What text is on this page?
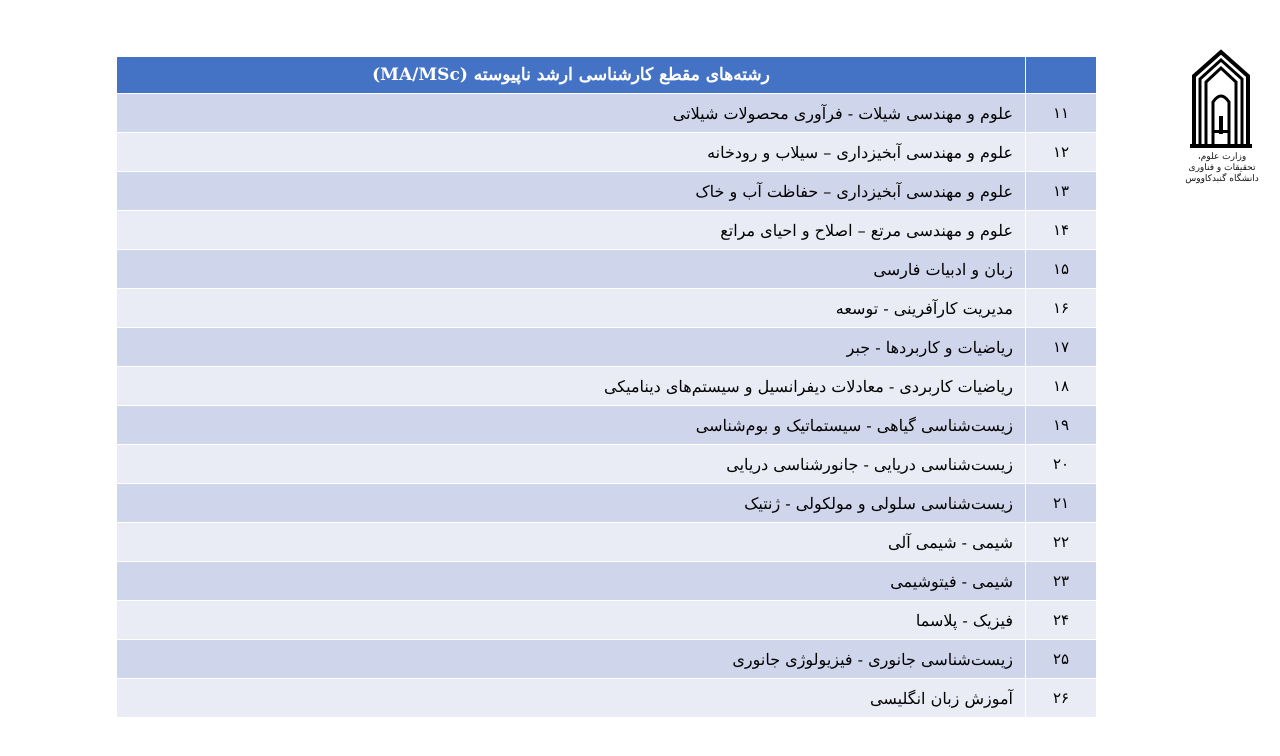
	رشته‌های مقطع کارشناسی ارشد ناپیوسته (MA/MSc)
۱۱	علوم و مهندسی شیلات - فرآوری محصولات شیلاتی
۱۲	علوم و مهندسی آبخیزداری – سیلاب و رودخانه
۱۳	علوم و مهندسی آبخیزداری – حفاظت آب و خاک
۱۴	علوم و مهندسی مرتع – اصلاح و احیای مراتع
۱۵	زبان و ادبیات فارسی
۱۶	مدیریت کارآفرینی - توسعه
۱۷	ریاضیات و کاربردها - جبر
۱۸	ریاضیات کاربردی - معادلات دیفرانسیل و سیستم‌های دینامیکی
۱۹	زیست‌شناسی گیاهی - سیستماتیک و بوم‌شناسی
۲۰	زیست‌شناسی دریایی - جانورشناسی دریایی
۲۱	زیست‌شناسی سلولی و مولکولی - ژنتیک
۲۲	شیمی - شیمی آلی
۲۳	شیمی - فیتوشیمی
۲۴	فیزیک - پلاسما
۲۵	زیست‌شناسی جانوری - فیزیولوژی جانوری
۲۶	آموزش زبان انگلیسی
وزارت علوم، تحقیقات و فناوری
دانشگاه گنبدکاووس
